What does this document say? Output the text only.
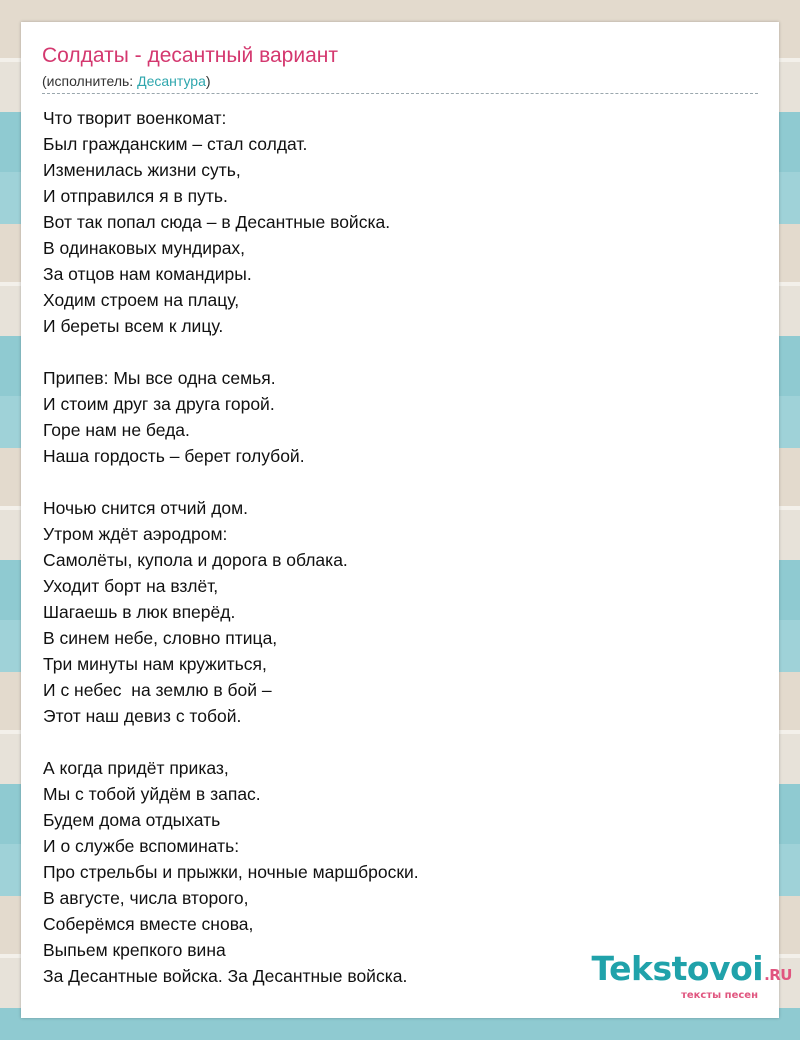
Солдаты - десантный вариант
(исполнитель: Десантура)
Что творит военкомат:
Был гражданским – стал солдат.
Изменилась жизни суть,
И отправился я в путь.
Вот так попал сюда – в Десантные войска.
В одинаковых мундирах,
За отцов нам командиры.
Ходим строем на плацу,
И береты всем к лицу.
Припев: Мы все одна семья.
И стоим друг за друга горой.
Горе нам не беда.
Наша гордость – берет голубой.
Ночью снится отчий дом.
Утром ждёт аэродром:
Самолёты, купола и дорога в облака.
Уходит борт на взлёт,
Шагаешь в люк вперёд.
В синем небе, словно птица,
Три минуты нам кружиться,
И с небес  на землю в бой –
Этот наш девиз с тобой.
А когда придёт приказ,
Мы с тобой уйдём в запас.
Будем дома отдыхать
И о службе вспоминать:
Про стрельбы и прыжки, ночные маршброски.
В августе, числа второго,
Соберёмся вместе снова,
Выпьем крепкого вина
За Десантные войска. За Десантные войска.	Tekstovoi.RU
тексты песен
